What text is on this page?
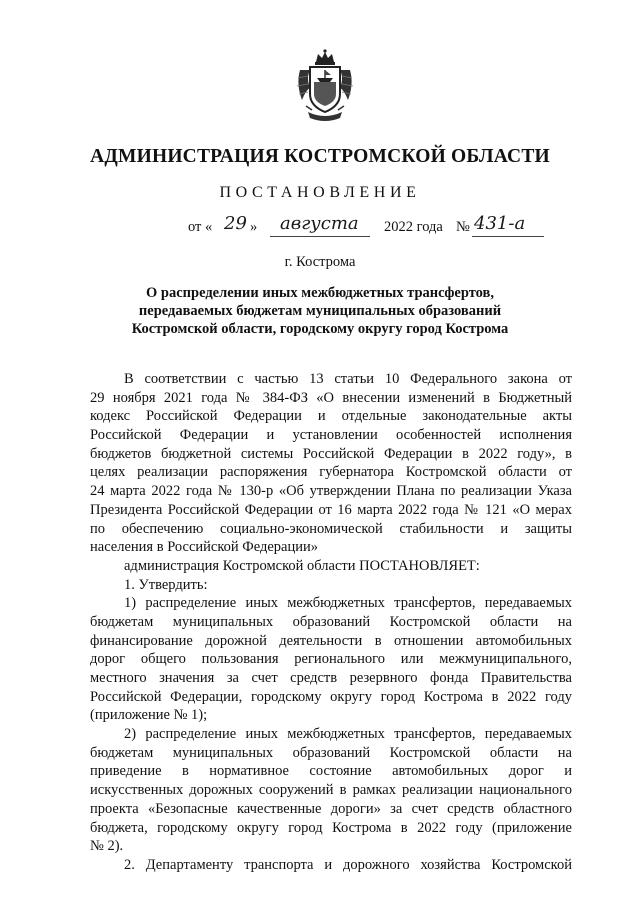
АДМИНИСТРАЦИЯ КОСТРОМСКОЙ ОБЛАСТИ
ПОСТАНОВЛЕНИЕ
от « 29 » августа 2022 года № 431-а
г. Кострома
О распределении иных межбюджетных трансфертов,
передаваемых бюджетам муниципальных образований
Костромской области, городскому округу город Кострома
В соответствии с частью 13 статьи 10 Федерального закона от
29 ноября 2021 года № 384-ФЗ «О внесении изменений в Бюджетный
кодекс Российской Федерации и отдельные законодательные акты
Российской Федерации и установлении особенностей исполнения
бюджетов бюджетной системы Российской Федерации в 2022 году», в
целях реализации распоряжения губернатора Костромской области от
24 марта 2022 года № 130-р «Об утверждении Плана по реализации Указа
Президента Российской Федерации от 16 марта 2022 года № 121 «О мерах
по обеспечению социально-экономической стабильности и защиты
населения в Российской Федерации»
администрация Костромской области ПОСТАНОВЛЯЕТ:
1. Утвердить:
1) распределение иных межбюджетных трансфертов, передаваемых
бюджетам муниципальных образований Костромской области на
финансирование дорожной деятельности в отношении автомобильных
дорог общего пользования регионального или межмуниципального,
местного значения за счет средств резервного фонда Правительства
Российской Федерации, городскому округу город Кострома в 2022 году
(приложение № 1);
2) распределение иных межбюджетных трансфертов, передаваемых
бюджетам муниципальных образований Костромской области на
приведение в нормативное состояние автомобильных дорог и
искусственных дорожных сооружений в рамках реализации национального
проекта «Безопасные качественные дороги» за счет средств областного
бюджета, городскому округу город Кострома в 2022 году (приложение
№ 2).
2. Департаменту транспорта и дорожного хозяйства Костромской
